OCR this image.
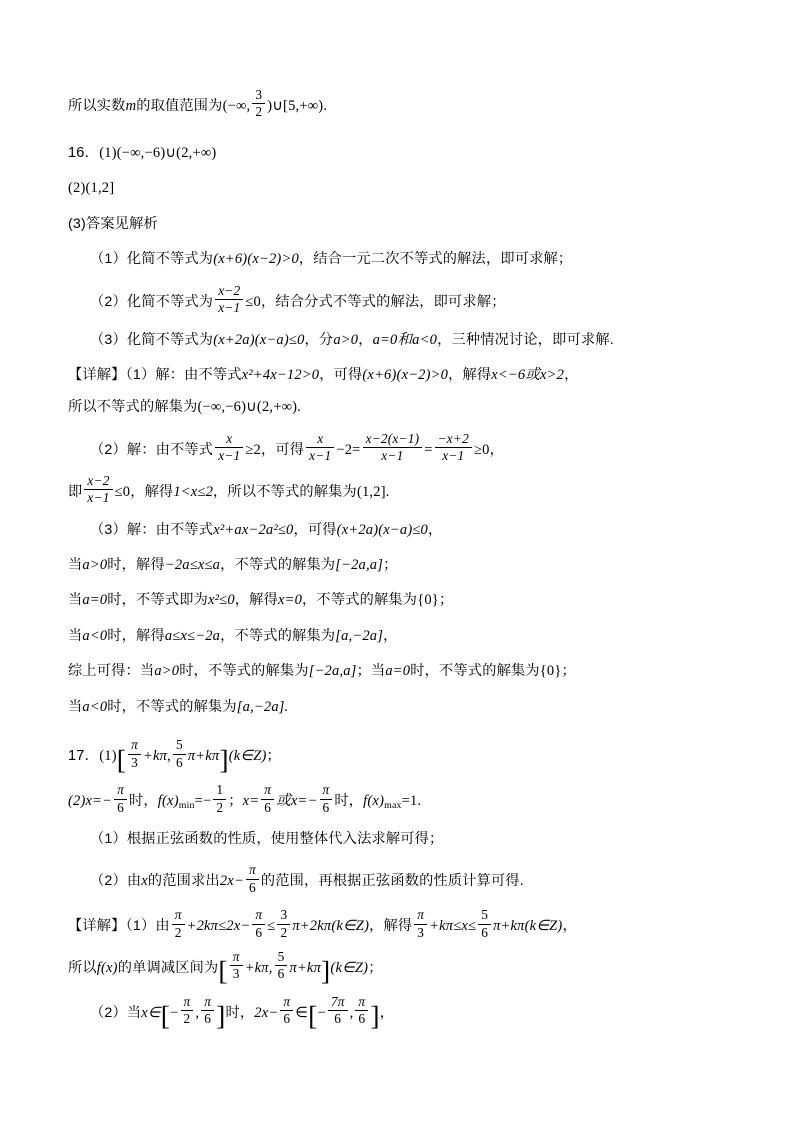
所以实数m的取值范围为(−∞, $\frac{3}{2}$ )∪[5,+∞).

16．(1)(−∞,−6)∪(2,+∞)

(2)(1,2]

(3)答案见解析

（1）化简不等式为(x+6)(x−2)>0，结合一元二次不等式的解法，即可求解；

（2）化简不等式为 $\frac{x-2}{x-1} \le 0$，结合分式不等式的解法，即可求解；

（3）化简不等式为(x+2a)(x−a)≤0，分a>0，a=0和a<0，三种情况讨论，即可求解.

【详解】（1）解：由不等式x²+4x−12>0，可得(x+6)(x−2)>0，解得x<−6或x>2，

所以不等式的解集为(−∞,−6)∪(2,+∞).

（2）解：由不等式 $\frac{x}{x-1} \ge 2$，可得 $\frac{x}{x-1} -2= \frac{x-2(x-1)}{x-1} = \frac{-x+2}{x-1} \ge 0$，

即 $\frac{x-2}{x-1} \le 0$，解得1<x≤2，所以不等式的解集为(1,2].

（3）解：由不等式x²+ax−2a²≤0，可得(x+2a)(x−a)≤0，

当a>0时，解得−2a≤x≤a，不等式的解集为[−2a,a]；

当a=0时，不等式即为x²≤0，解得x=0，不等式的解集为{0}；

当a<0时，解得a≤x≤−2a，不等式的解集为[a,−2a]，

综上可得：当a>0时，不等式的解集为[−2a,a]；当a=0时，不等式的解集为{0}；

当a<0时，不等式的解集为[a,−2a].

17．$(1)[ \frac{\pi}{3} +k\pi$, $\frac{5}{6}$ π+kπ](k∈Z)；

$(2)x=- \frac{\pi}{6}$ 时，$f(x)_{min}=- \frac{1}{2}$ ；$x= \frac{\pi}{6}$ 或$x=- \frac{\pi}{6}$ 时，$f(x)_{max}=1$.

（1）根据正弦函数的性质，使用整体代入法求解可得；

（2）由x的范围求出$2x- \frac{\pi}{6}$ 的范围，再根据正弦函数的性质计算可得.

【详解】（1）由 $\frac{\pi}{2} +2k\pi\le 2x- \frac{\pi}{6} \le \frac{3}{2}$ π+2kπ(k∈Z)，解得 $\frac{\pi}{3} +k\pi\le x\le \frac{5}{6}$ π+kπ(k∈Z)，

所以f(x)的单调减区间为[ $\frac{\pi}{3} +k\pi$, $\frac{5}{6}$ π+kπ](k∈Z)；

（2）当x∈[− $\frac{\pi}{2}$ , $\frac{\pi}{6}$ ]时，$2x- \frac{\pi}{6}$ ∈[− $\frac{7\pi}{6}$ , $\frac{\pi}{6}$ ]，
